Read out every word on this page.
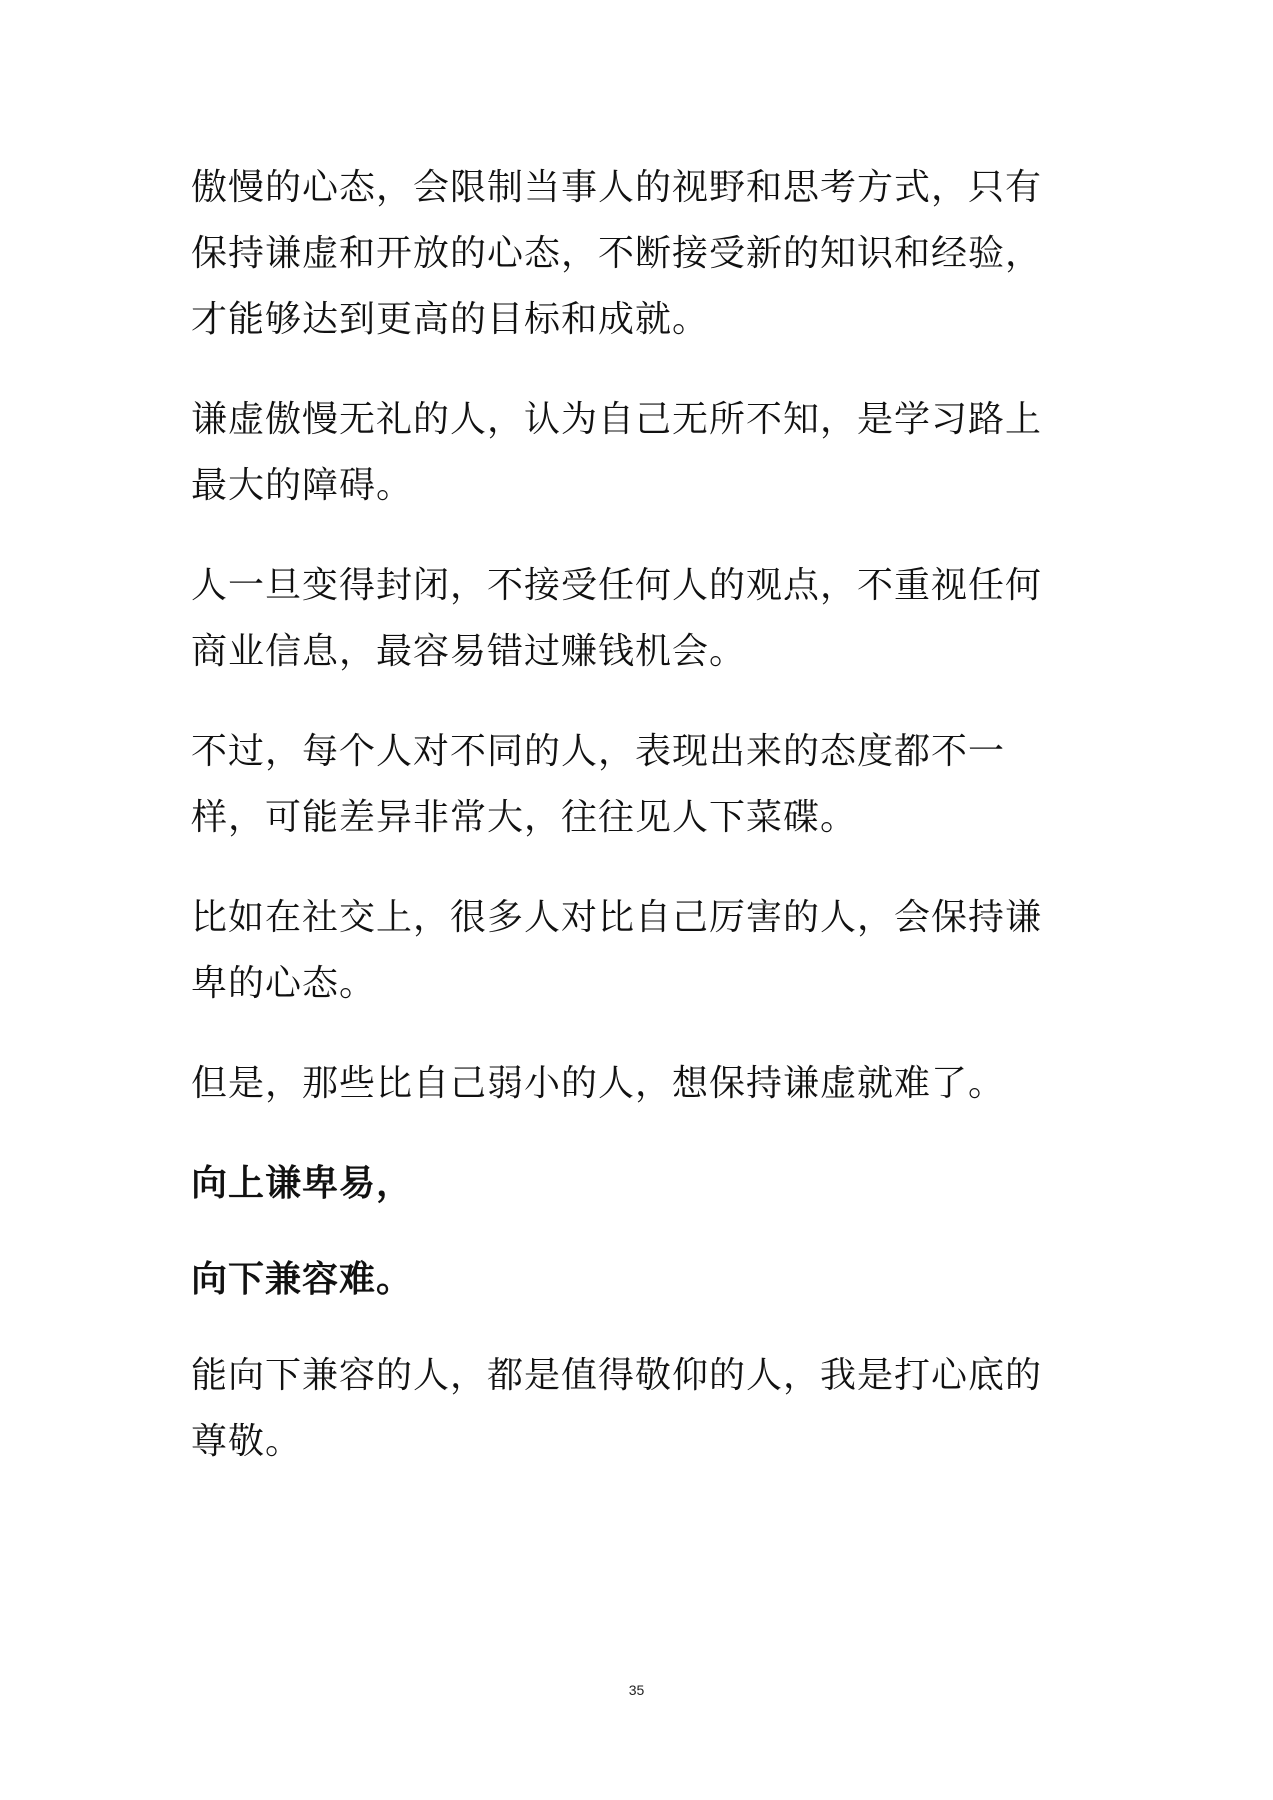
傲慢的心态，会限制当事人的视野和思考方式，只有保持谦虚和开放的心态，不断接受新的知识和经验，才能够达到更高的目标和成就。

谦虚傲慢无礼的人，认为自己无所不知，是学习路上最大的障碍。

人一旦变得封闭，不接受任何人的观点，不重视任何商业信息，最容易错过赚钱机会。

不过，每个人对不同的人，表现出来的态度都不一样，可能差异非常大，往往见人下菜碟。

比如在社交上，很多人对比自己厉害的人，会保持谦卑的心态。

但是，那些比自己弱小的人，想保持谦虚就难了。

向上谦卑易，

向下兼容难。

能向下兼容的人，都是值得敬仰的人，我是打心底的尊敬。

35
